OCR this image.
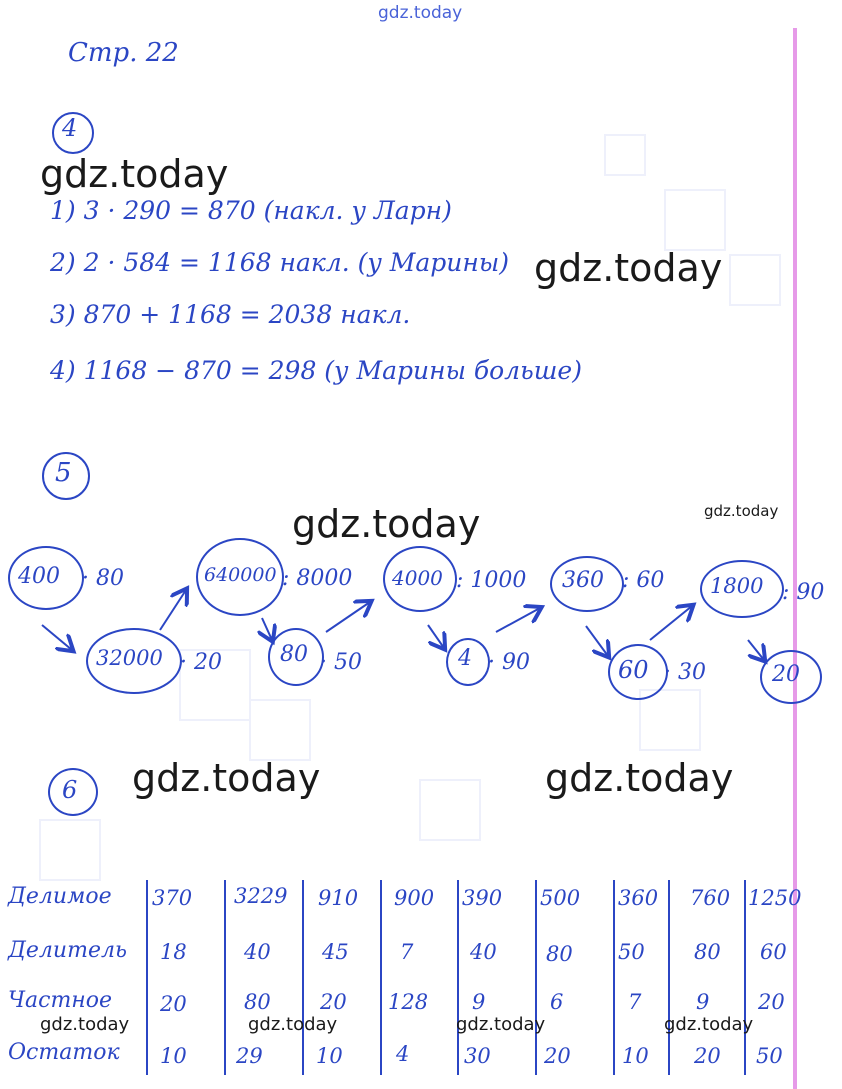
gdz.today
Стр. 22
4
1) 3 · 290 = 870 (накл. у Ларн)
2) 2 · 584 = 1168 накл. (у Марины)
3) 870 + 1168 = 2038 накл.
4) 1168 − 870 = 298 (у Марины больше)
5
400 · 80
32000 · 20
640000 : 8000
80 · 50
4000 : 1000
4 · 90
360 : 60
60 · 30
1800 : 90
20
6
Делимое
Делитель
Частное
Остаток
370 3229 910 900 390 500 360 760 1250
18	40 45 7	40 80 50 80 60
20	80 20 128 9	6	7	9 20
10 29	10	4	30	20 10 20 50
gdz.today
gdz.today
gdz.today	gdz.today
gdz.today	gdz.today
gdz.today	gdz.today	gdz.today	gdz.today
